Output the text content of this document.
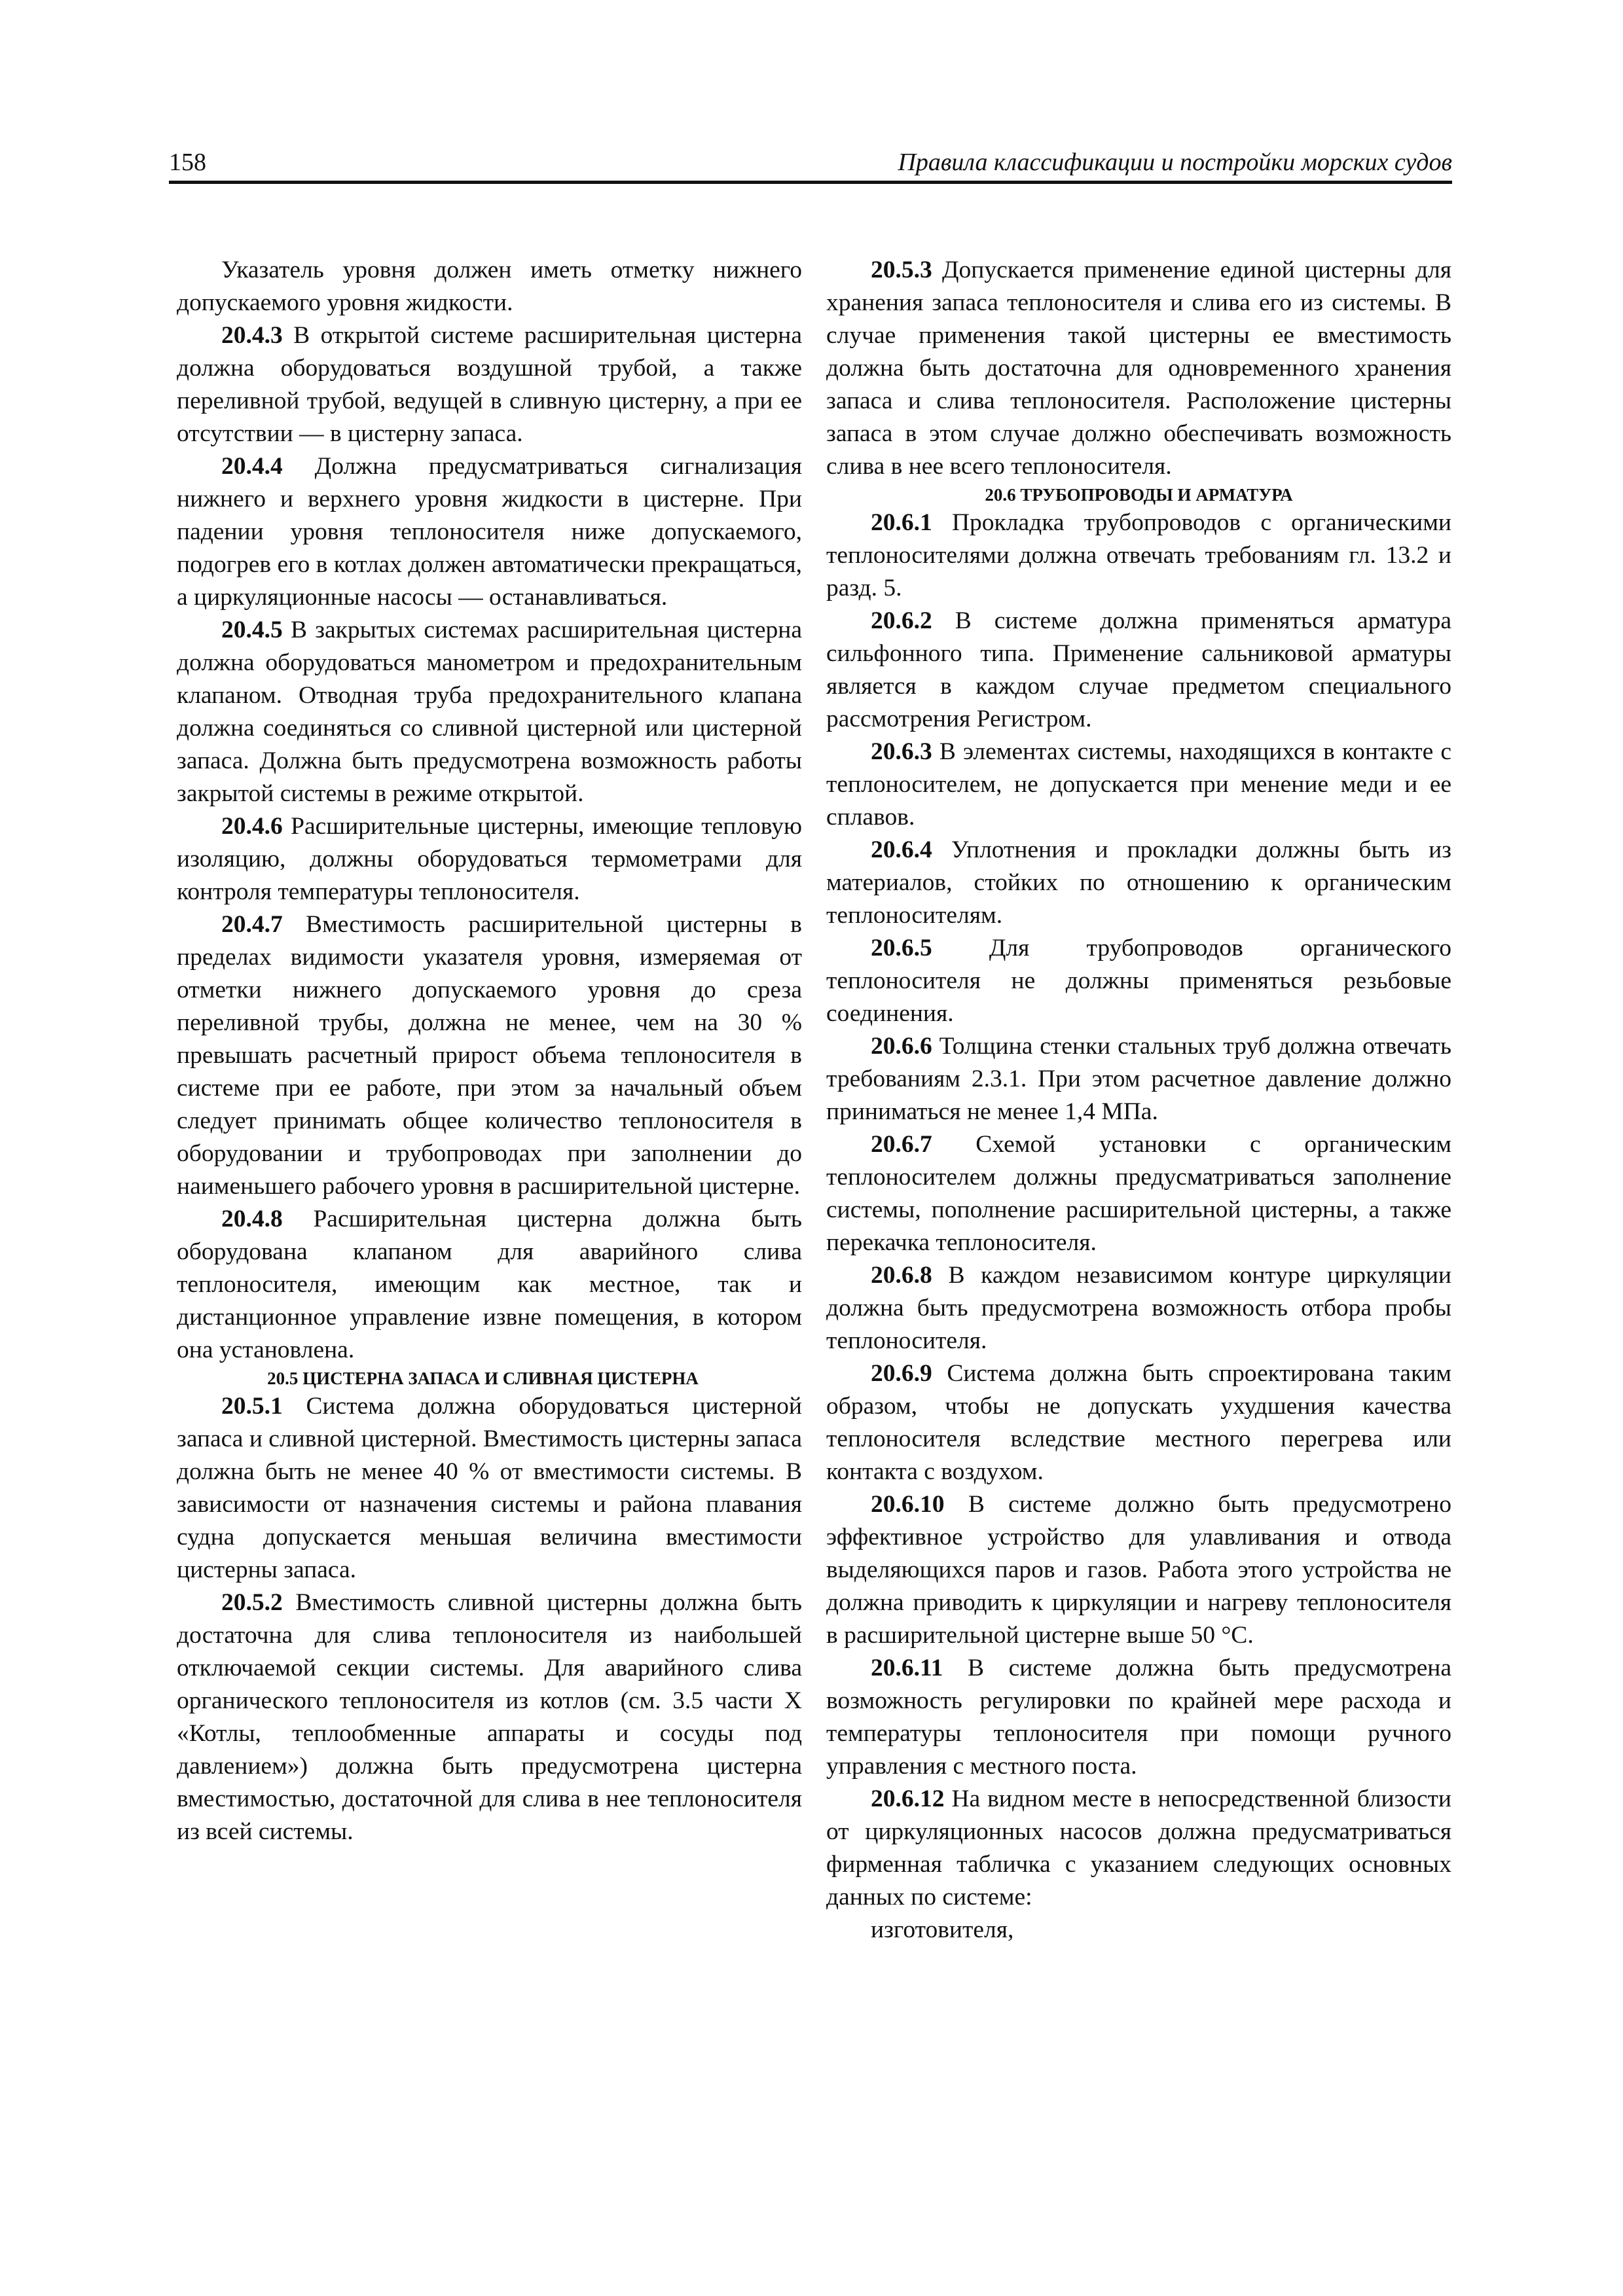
158	Правила классификации и постройки морских судов

Указатель уровня должен иметь отметку нижнего допускаемого уровня жидкости.

20.4.3 В открытой системе расширительная цистерна должна оборудоваться воздушной трубой, а также переливной трубой, ведущей в сливную цистерну, а при ее отсутствии — в цистерну запаса.

20.4.4 Должна предусматриваться сигнализация нижнего и верхнего уровня жидкости в цистерне. При падении уровня теплоносителя ниже допускаемого, подогрев его в котлах должен автоматически прекращаться, а циркуляционные насосы — останавливаться.

20.4.5 В закрытых системах расширительная цистерна должна оборудоваться манометром и предохранительным клапаном. Отводная труба предохранительного клапана должна соединяться со сливной цистерной или цистерной запаса. Должна быть предусмотрена возможность работы закрытой системы в режиме открытой.

20.4.6 Расширительные цистерны, имеющие тепловую изоляцию, должны оборудоваться термометрами для контроля температуры теплоносителя.

20.4.7 Вместимость расширительной цистерны в пределах видимости указателя уровня, измеряемая от отметки нижнего допускаемого уровня до среза переливной трубы, должна не менее, чем на 30 % превышать расчетный прирост объема теплоносителя в системе при ее работе, при этом за начальный объем следует принимать общее количество теплоносителя в оборудовании и трубопроводах при заполнении до наименьшего рабочего уровня в расширительной цистерне.

20.4.8 Расширительная цистерна должна быть оборудована клапаном для аварийного слива теплоносителя, имеющим как местное, так и дистанционное управление извне помещения, в котором она установлена.

20.5 ЦИСТЕРНА ЗАПАСА И СЛИВНАЯ ЦИСТЕРНА

20.5.1 Система должна оборудоваться цистерной запаса и сливной цистерной. Вместимость цистерны запаса должна быть не менее 40 % от вместимости системы. В зависимости от назначения системы и района плавания судна допускается меньшая величина вместимости цистерны запаса.

20.5.2 Вместимость сливной цистерны должна быть достаточна для слива теплоносителя из наибольшей отключаемой секции системы. Для аварийного слива органического теплоносителя из котлов (см. 3.5 части X «Котлы, теплообменные аппараты и сосуды под давлением») должна быть предусмотрена цистерна вместимостью, достаточной для слива в нее теплоносителя из всей системы.

20.5.3 Допускается применение единой цистерны для хранения запаса теплоносителя и слива его из системы. В случае применения такой цистерны ее вместимость должна быть достаточна для одновременного хранения запаса и слива теплоносителя. Расположение цистерны запаса в этом случае должно обеспечивать возможность слива в нее всего теплоносителя.

20.6 ТРУБОПРОВОДЫ И АРМАТУРА

20.6.1 Прокладка трубопроводов с органическими теплоносителями должна отвечать требованиям гл. 13.2 и разд. 5.

20.6.2 В системе должна применяться арматура сильфонного типа. Применение сальниковой арматуры является в каждом случае предметом специального рассмотрения Регистром.

20.6.3 В элементах системы, находящихся в контакте с теплоносителем, не допускается при менение меди и ее сплавов.

20.6.4 Уплотнения и прокладки должны быть из материалов, стойких по отношению к органическим теплоносителям.

20.6.5 Для трубопроводов органического теплоносителя не должны применяться резьбовые соединения.

20.6.6 Толщина стенки стальных труб должна отвечать требованиям 2.3.1. При этом расчетное давление должно приниматься не менее 1,4 МПа.

20.6.7 Схемой установки с органическим теплоносителем должны предусматриваться заполнение системы, пополнение расширительной цистерны, а также перекачка теплоносителя.

20.6.8 В каждом независимом контуре циркуляции должна быть предусмотрена возможность отбора пробы теплоносителя.

20.6.9 Система должна быть спроектирована таким образом, чтобы не допускать ухудшения качества теплоносителя вследствие местного перегрева или контакта с воздухом.

20.6.10 В системе должно быть предусмотрено эффективное устройство для улавливания и отвода выделяющихся паров и газов. Работа этого устройства не должна приводить к циркуляции и нагреву теплоносителя в расширительной цистерне выше 50 °С.

20.6.11 В системе должна быть предусмотрена возможность регулировки по крайней мере расхода и температуры теплоносителя при помощи ручного управления с местного поста.

20.6.12 На видном месте в непосредственной близости от циркуляционных насосов должна предусматриваться фирменная табличка с указанием следующих основных данных по системе:

изготовителя,
